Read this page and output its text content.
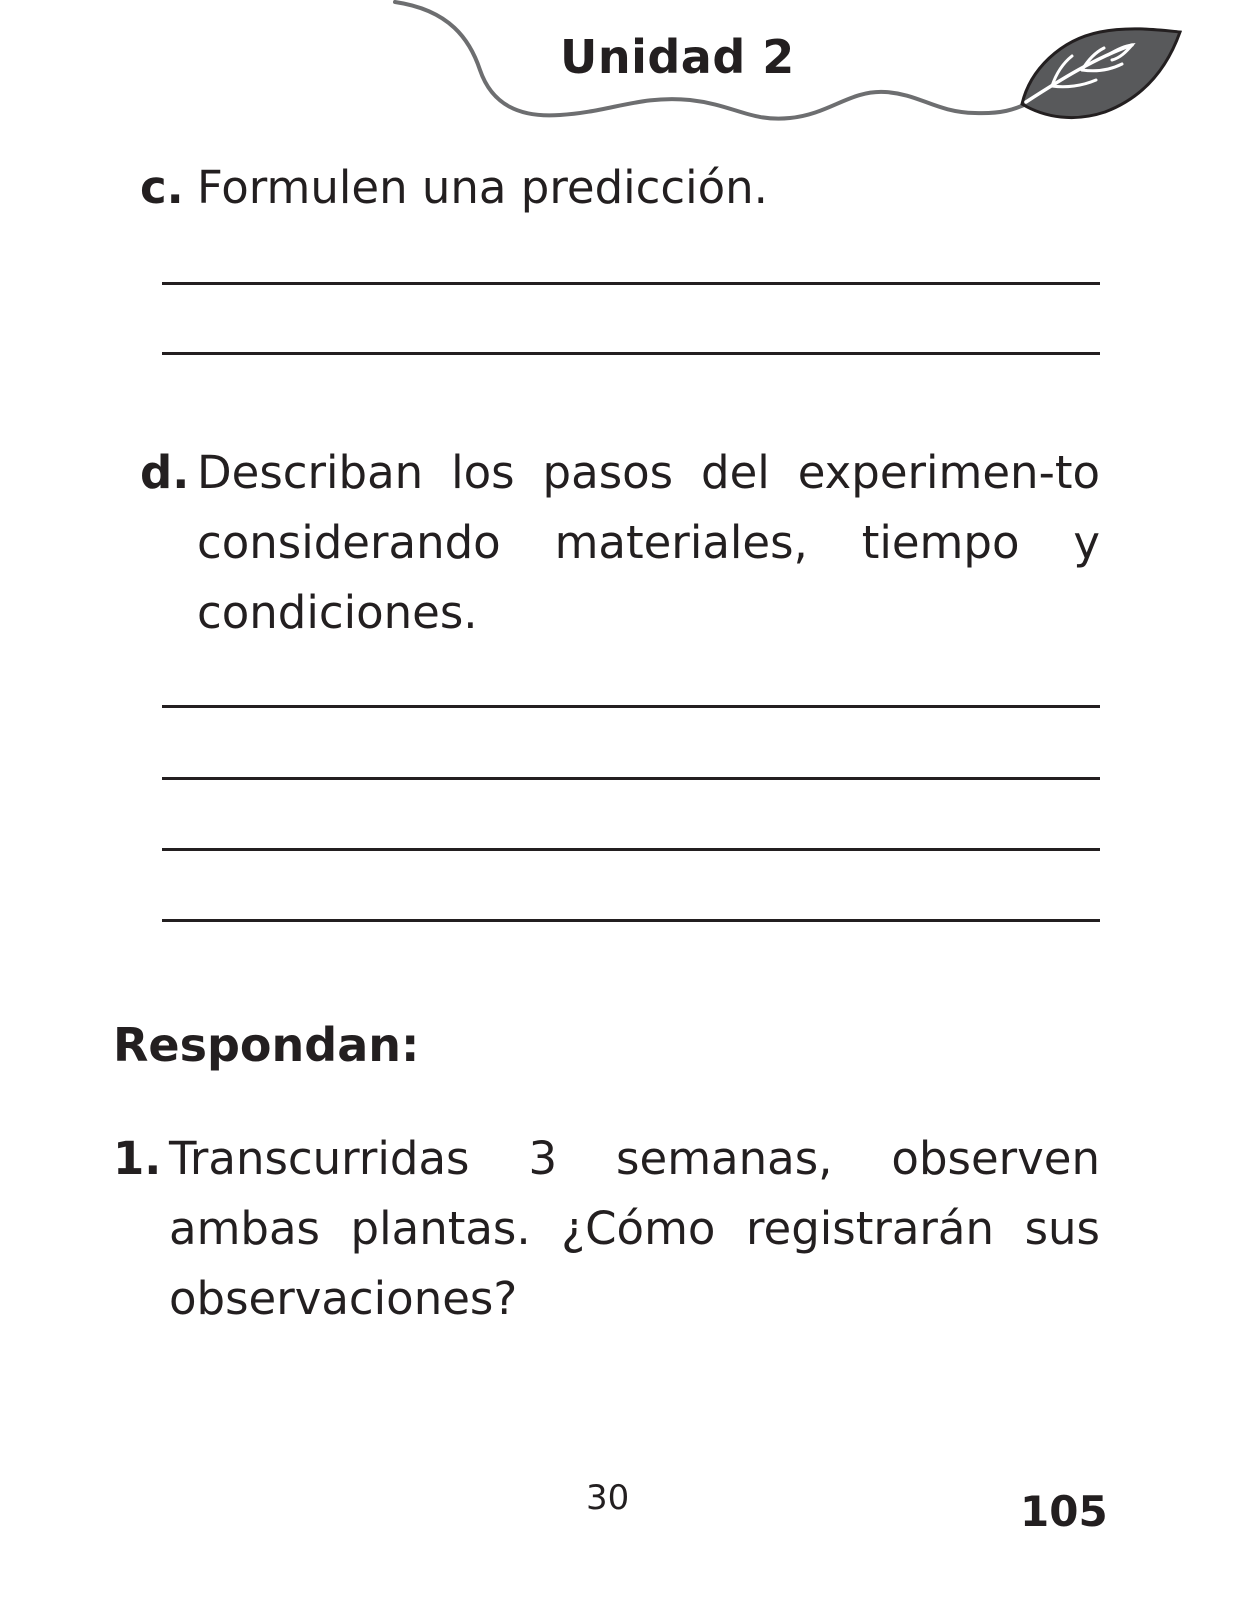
Unidad 2
c. Formulen una predicción.
d. Describan los pasos del experimen-to considerando materiales, tiempo y condiciones.
Respondan:
1. Transcurridas 3 semanas, observen ambas plantas. ¿Cómo registrarán sus observaciones?
30	105
